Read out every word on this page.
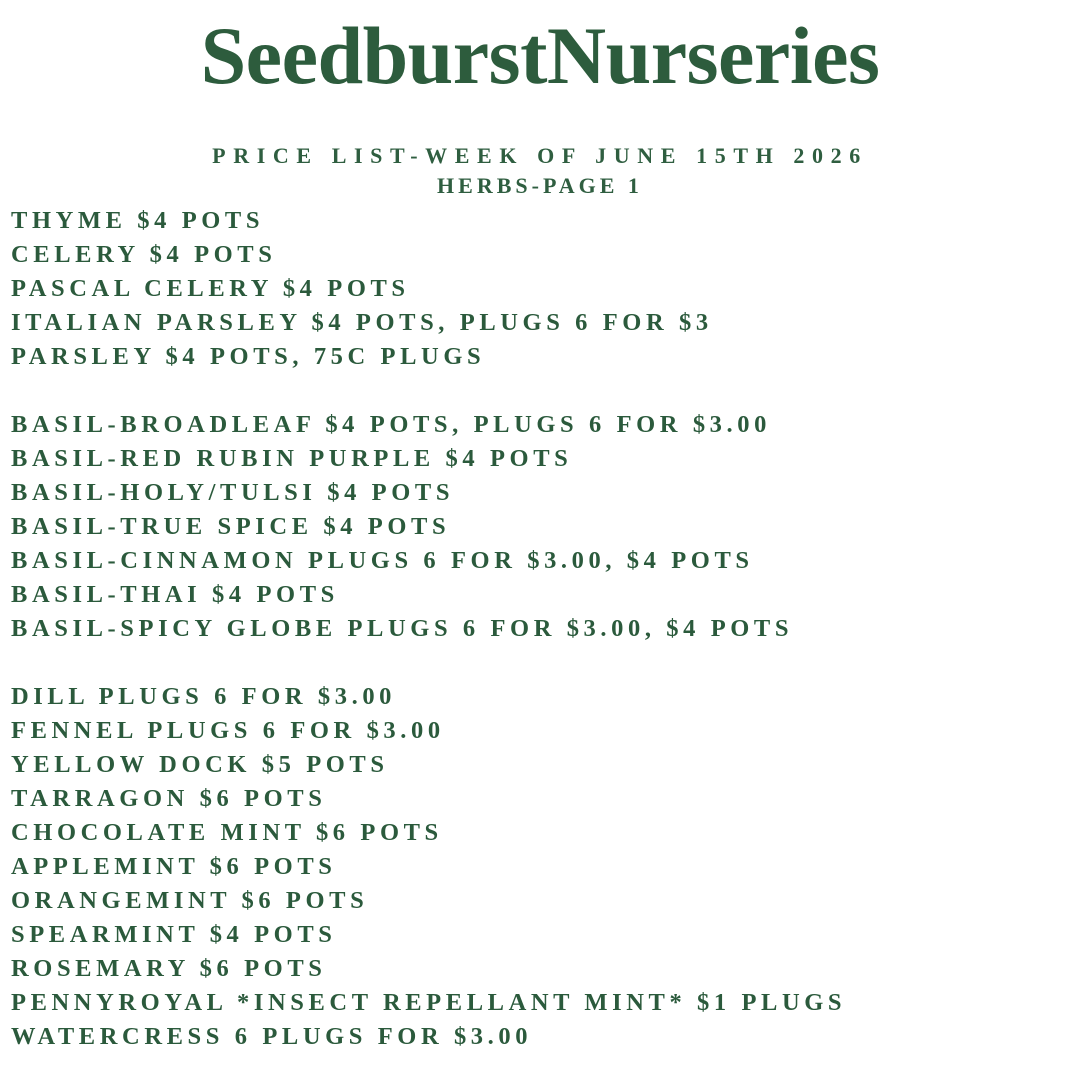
SeedburstNurseries
PRICE LIST-WEEK OF JUNE 15TH 2026
HERBS-PAGE 1
THYME $4 POTS
CELERY $4 POTS
PASCAL CELERY $4 POTS
ITALIAN PARSLEY $4 POTS, PLUGS 6 FOR $3
PARSLEY $4 POTS, 75C PLUGS
BASIL-BROADLEAF $4 POTS, PLUGS 6 FOR $3.00
BASIL-RED RUBIN PURPLE $4 POTS
BASIL-HOLY/TULSI $4 POTS
BASIL-TRUE SPICE $4 POTS
BASIL-CINNAMON PLUGS 6 FOR $3.00, $4 POTS
BASIL-THAI $4 POTS
BASIL-SPICY GLOBE PLUGS 6 FOR $3.00, $4 POTS
DILL PLUGS 6 FOR $3.00
FENNEL PLUGS 6 FOR $3.00
YELLOW DOCK $5 POTS
TARRAGON $6 POTS
CHOCOLATE MINT $6 POTS
APPLEMINT $6 POTS
ORANGEMINT $6 POTS
SPEARMINT $4 POTS
ROSEMARY $6 POTS
PENNYROYAL *INSECT REPELLANT MINT* $1 PLUGS
WATERCRESS 6 PLUGS FOR $3.00
